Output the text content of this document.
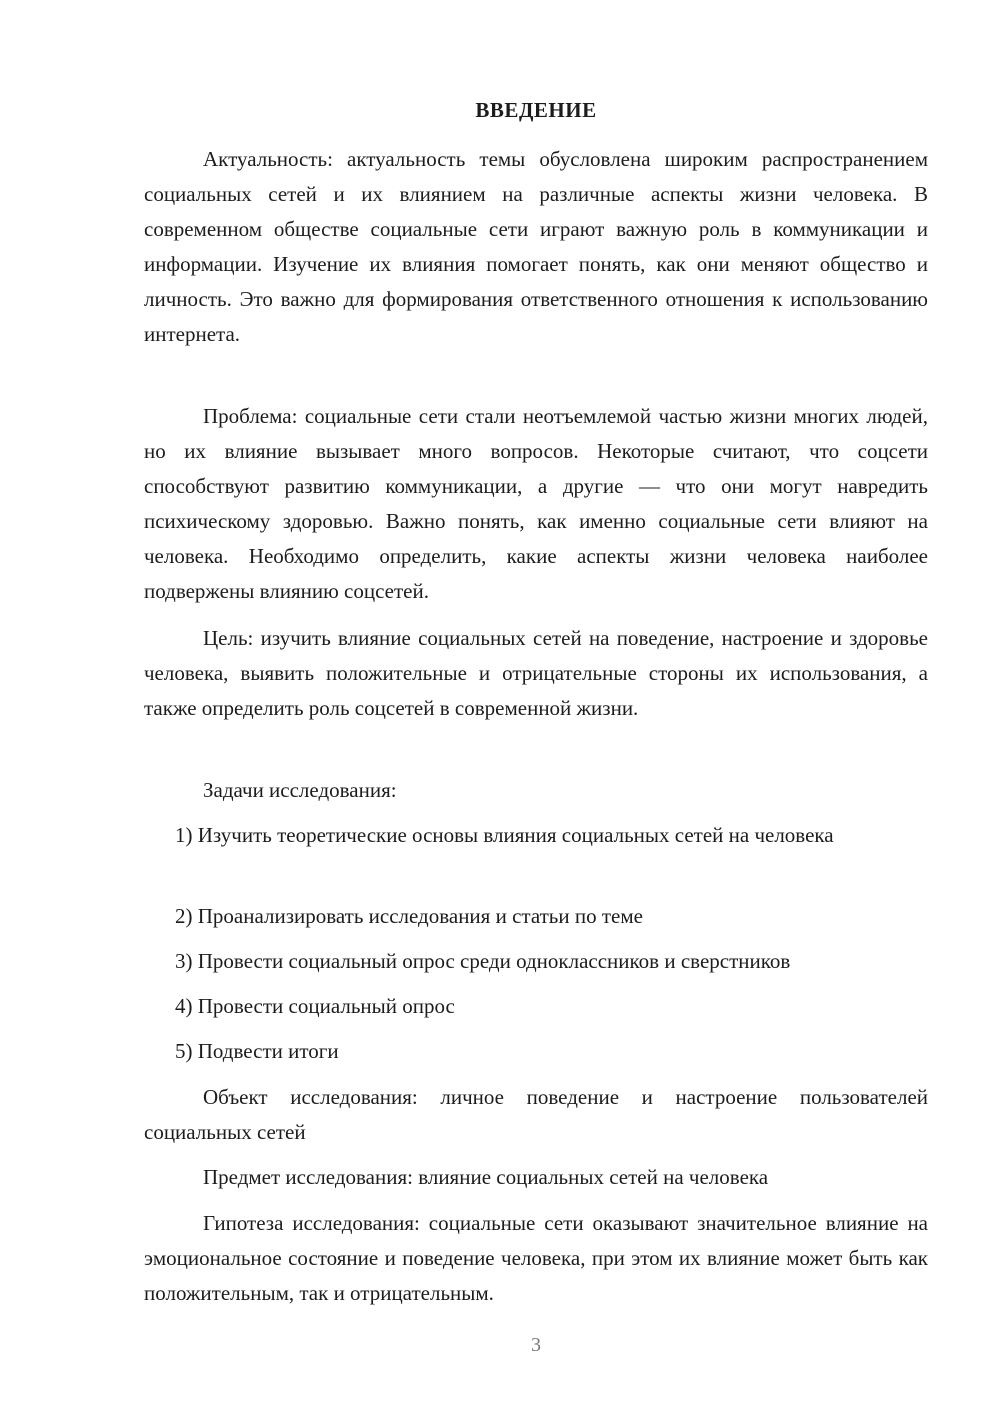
ВВЕДЕНИЕ
Актуальность: актуальность темы обусловлена широким распространением социальных сетей и их влиянием на различные аспекты жизни человека. В современном обществе социальные сети играют важную роль в коммуникации и информации. Изучение их влияния помогает понять, как они меняют общество и личность. Это важно для формирования ответственного отношения к использованию интернета.
Проблема: социальные сети стали неотъемлемой частью жизни многих людей, но их влияние вызывает много вопросов. Некоторые считают, что соцсети способствуют развитию коммуникации, а другие — что они могут навредить психическому здоровью. Важно понять, как именно социальные сети влияют на человека. Необходимо определить, какие аспекты жизни человека наиболее подвержены влиянию соцсетей.
Цель: изучить влияние социальных сетей на поведение, настроение и здоровье человека, выявить положительные и отрицательные стороны их использования, а также определить роль соцсетей в современной жизни.
Задачи исследования:
1) Изучить теоретические основы влияния социальных сетей на человека
2) Проанализировать исследования и статьи по теме
3) Провести социальный опрос среди одноклассников и сверстников
4) Провести социальный опрос
5) Подвести итоги
Объект исследования: личное поведение и настроение пользователей социальных сетей
Предмет исследования: влияние социальных сетей на человека
Гипотеза исследования: социальные сети оказывают значительное влияние на эмоциональное состояние и поведение человека, при этом их влияние может быть как положительным, так и отрицательным.
3
